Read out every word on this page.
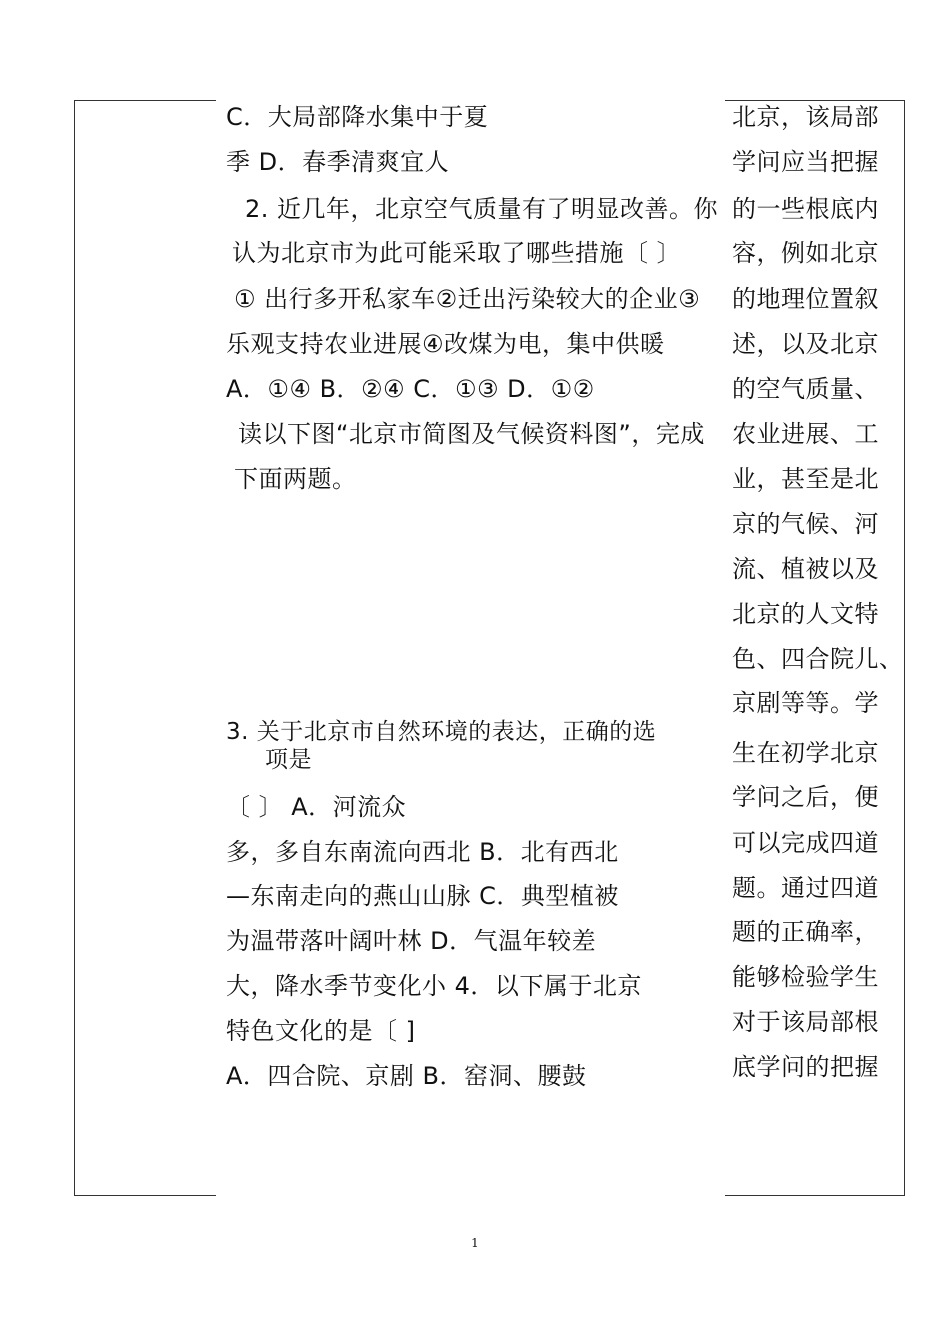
C．大局部降水集中于夏
季 D．春季清爽宜人
2. 近几年，北京空气质量有了明显改善。你
认为北京市为此可能采取了哪些措施〔 〕
① 出行多开私家车②迁出污染较大的企业③
乐观支持农业进展④改煤为电，集中供暖
A．①④ B．②④ C．①③ D．①②
读以下图“北京市简图及气候资料图”，完成
下面两题。
3. 关于北京市自然环境的表达，正确的选
项是
〔 〕 A．河流众
多，多自东南流向西北 B．北有西北
—东南走向的燕山山脉 C．典型植被
为温带落叶阔叶林 D．气温年较差
大，降水季节变化小 4．以下属于北京
特色文化的是〔 ]
A．四合院、京剧 B．窑洞、腰鼓
北京，该局部
学问应当把握
的一些根底内
容，例如北京
的地理位置叙
述，以及北京
的空气质量、
农业进展、工
业，甚至是北
京的气候、河
流、植被以及
北京的人文特
色、四合院儿、
京剧等等。学
生在初学北京
学问之后，便
可以完成四道
题。通过四道
题的正确率，
能够检验学生
对于该局部根
底学问的把握
1
